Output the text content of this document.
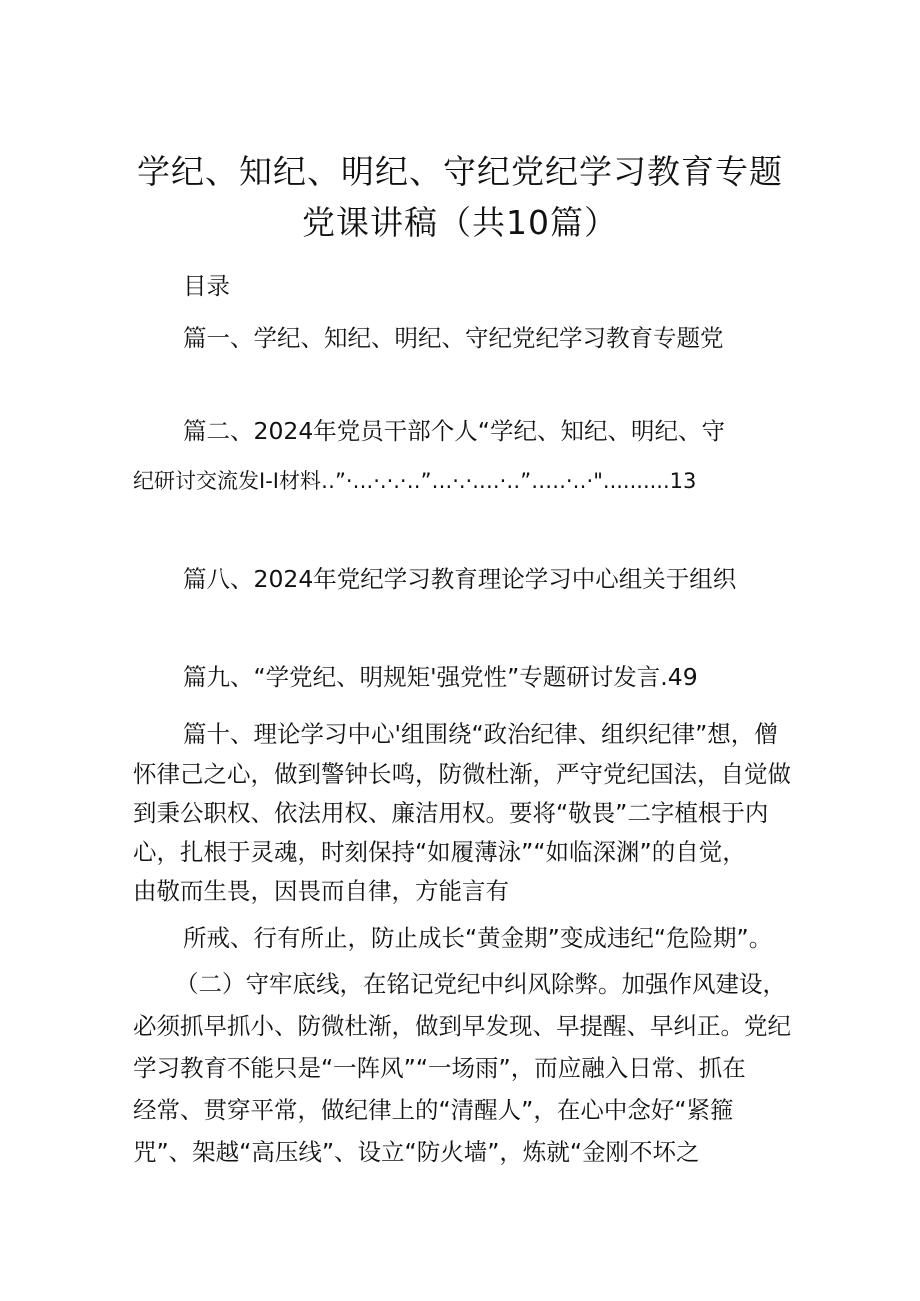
学纪、知纪、明纪、守纪党纪学习教育专题
党课讲稿（共10篇）
目录
篇一、学纪、知纪、明纪、守纪党纪学习教育专题党
篇二、2024年党员干部个人“学纪、知纪、明纪、守
纪研讨交流发I-I材料‥”·‥.·.·.·‥”‥.·.·.‥.·‥”‥‥.·‥·"..........13
篇八、2024年党纪学习教育理论学习中心组关于组织
篇九、“学党纪、明规矩'强党性”专题研讨发言.49
篇十、理论学习中心'组围绕“政治纪律、组织纪律”想，僧
怀律己之心，做到警钟长鸣，防微杜渐，严守党纪国法，自觉做
到秉公职权、依法用权、廉洁用权。要将“敬畏”二字植根于内
心，扎根于灵魂，时刻保持“如履薄泳”“如临深渊”的自觉，
由敬而生畏，因畏而自律，方能言有
所戒、行有所止，防止成长“黄金期”变成违纪“危险期”。
（二）守牢底线，在铭记党纪中纠风除弊。加强作风建设，
必须抓早抓小、防微杜渐，做到早发现、早提醒、早纠正。党纪
学习教育不能只是“一阵风”“一场雨”，而应融入日常、抓在
经常、贯穿平常，做纪律上的“清醒人”，在心中念好“紧箍
咒”、架越“高压线”、设立“防火墙”，炼就“金刚不坏之
